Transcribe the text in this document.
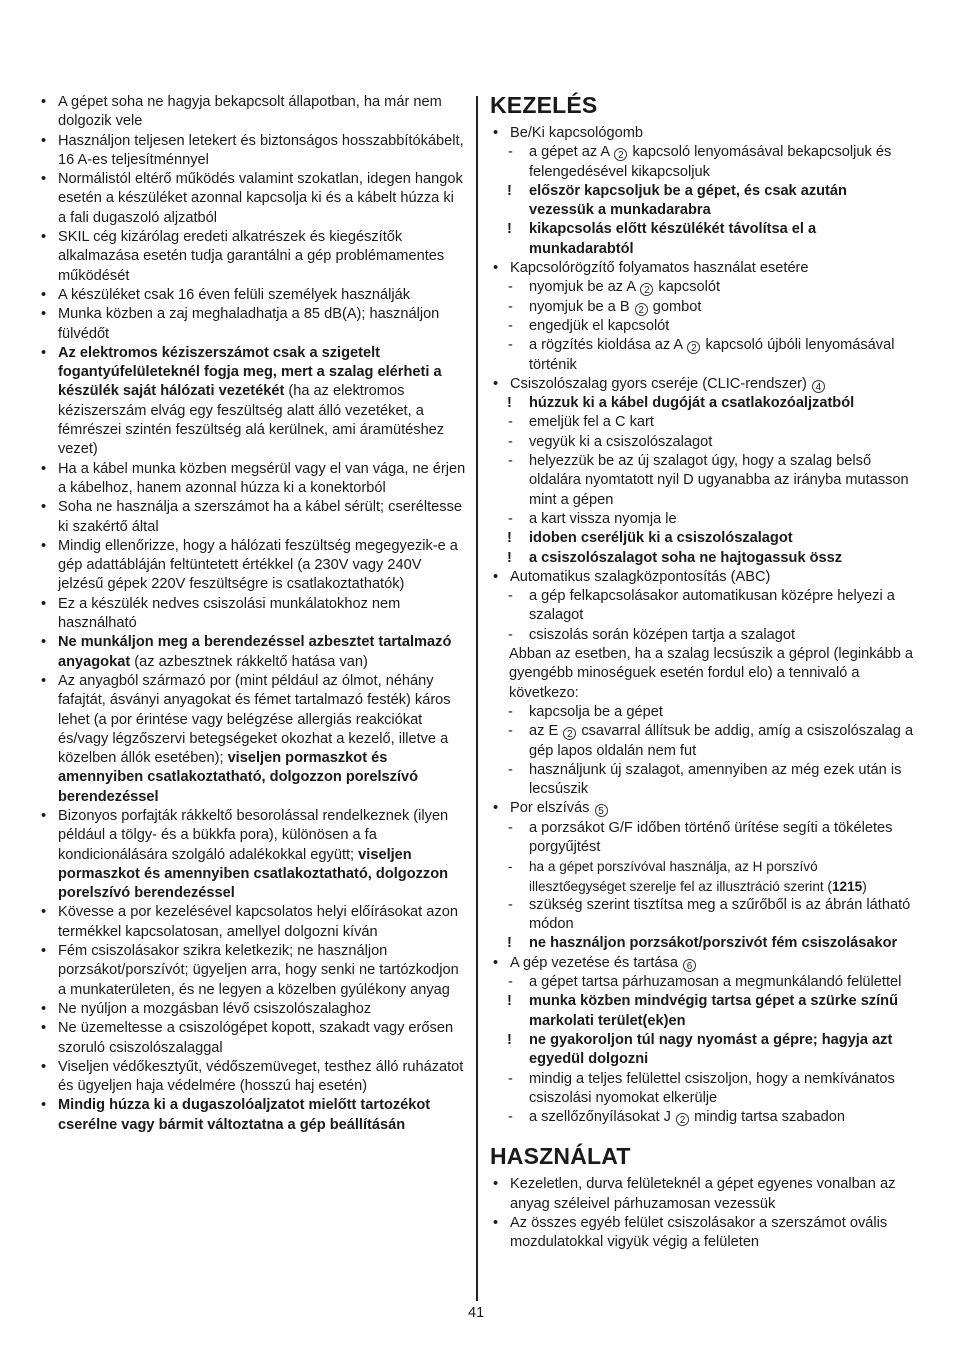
• A gépet soha ne hagyja bekapcsolt állapotban, ha már nem dolgozik vele
• Használjon teljesen letekert és biztonságos hosszabbítókábelt, 16 A-es teljesítménnyel
• Normálistól eltérő működés valamint szokatlan, idegen hangok esetén a készüléket azonnal kapcsolja ki és a kábelt húzza ki a fali dugaszoló aljzatból
• SKIL cég kizárólag eredeti alkatrészek és kiegészítők alkalmazása esetén tudja garantálni a gép problémamentes működését
• A készüléket csak 16 éven felüli személyek használják
• Munka közben a zaj meghaladhatja a 85 dB(A); használjon fülvédőt
• Az elektromos kéziszerszámot csak a szigetelt fogantyúfelületeknél fogja meg, mert a szalag elérheti a készülék saját hálózati vezetékét (ha az elektromos kéziszerszám elvág egy feszültség alatt álló vezetéket, a fémrészei szintén feszültség alá kerülnek, ami áramütéshez vezet)
• Ha a kábel munka közben megsérül vagy el van vága, ne érjen a kábelhoz, hanem azonnal húzza ki a konektorból
• Soha ne használja a szerszámot ha a kábel sérült; cseréltesse ki szakértő által
• Mindig ellenőrizze, hogy a hálózati feszültség megegyezik-e a gép adattábláján feltüntetett értékkel (a 230V vagy 240V jelzésű gépek 220V feszültségre is csatlakoztathatók)
• Ez a készülék nedves csiszolási munkálatokhoz nem használható
• Ne munkáljon meg a berendezéssel azbesztet tartalmazó anyagokat (az azbesztnek rákkeltő hatása van)
• Az anyagból származó por (mint például az ólmot, néhány fafajtát, ásványi anyagokat és fémet tartalmazó festék) káros lehet (a por érintése vagy belégzése allergiás reakciókat és/vagy légzőszervi betegségeket okozhat a kezelő, illetve a közelben állók esetében); viseljen pormaszkot és amennyiben csatlakoztatható, dolgozzon porelszívó berendezéssel
• Bizonyos porfajták rákkeltő besorolással rendelkeznek (ilyen például a tölgy- és a bükkfa pora), különösen a fa kondicionálására szolgáló adalékokkal együtt; viseljen pormaszkot és amennyiben csatlakoztatható, dolgozzon porelszívó berendezéssel
• Kövesse a por kezelésével kapcsolatos helyi előírásokat azon termékkel kapcsolatosan, amellyel dolgozni kíván
• Fém csiszolásakor szikra keletkezik; ne használjon porzsákot/porszívót; ügyeljen arra, hogy senki ne tartózkodjon a munkaterületen, és ne legyen a közelben gyúlékony anyag
• Ne nyúljon a mozgásban lévő csiszolószalaghoz
• Ne üzemeltesse a csiszológépet kopott, szakadt vagy erősen szoruló csiszolószalaggal
• Viseljen védőkesztyűt, védőszemüveget, testhez álló ruházatot és ügyeljen haja védelmére (hosszú haj esetén)
• Mindig húzza ki a dugaszolóaljzatot mielőtt tartozékot cserélne vagy bármit változtatna a gép beállításán
KEZELÉS
• Be/Ki kapcsológomb
- a gépet az A 2 kapcsoló lenyomásával bekapcsoljuk és felengedésével kikapcsoljuk
! először kapcsoljuk be a gépet, és csak azután vezessük a munkadarabra
! kikapcsolás előtt készülékét távolítsa el a munkadarabtól
• Kapcsolórögzítő folyamatos használat esetére
- nyomjuk be az A 2 kapcsolót
- nyomjuk be a B 2 gombot
- engedjük el kapcsolót
- a rögzítés kioldása az A 2 kapcsoló újbóli lenyomásával történik
• Csiszolószalag gyors cseréje (CLIC-rendszer) 4
! húzzuk ki a kábel dugóját a csatlakozóaljzatból
- emeljük fel a C kart
- vegyük ki a csiszolószalagot
- helyezzük be az új szalagot úgy, hogy a szalag belső oldalára nyomtatott nyil D ugyanabba az irányba mutasson mint a gépen
- a kart vissza nyomja le
! idoben cseréljük ki a csiszolószalagot
! a csiszolószalagot soha ne hajtogassuk össz
• Automatikus szalagközpontosítás (ABC)
- a gép felkapcsolásakor automatikusan középre helyezi a szalagot
- csiszolás során középen tartja a szalagot
Abban az esetben, ha a szalag lecsúszik a géprol (leginkább a gyengébb minoséguek esetén fordul elo) a tennivaló a következo:
- kapcsolja be a gépet
- az E 2 csavarral állítsuk be addig, amíg a csiszolószalag a gép lapos oldalán nem fut
- használjunk új szalagot, amennyiben az még ezek után is lecsúszik
• Por elszívás 5
- a porzsákot G/F időben történő ürítése segíti a tökéletes porgyűjtést
- ha a gépet porszívóval használja, az H porszívó illesztőegységet szerelje fel az illusztráció szerint (1215)
- szükség szerint tisztítsa meg a szűrőből is az ábrán látható módon
! ne használjon porzsákot/porszivót fém csiszolásakor
• A gép vezetése és tartása 6
- a gépet tartsa párhuzamosan a megmunkálandó felülettel
! munka közben mindvégig tartsa gépet a szürke színű markolati terület(ek)en
! ne gyakoroljon túl nagy nyomást a gépre; hagyja azt egyedül dolgozni
- mindig a teljes felülettel csiszoljon, hogy a nemkívánatos csiszolási nyomokat elkerülje
- a szellőzőnyílásokat J 2 mindig tartsa szabadon
HASZNÁLAT
• Kezeletlen, durva felületeknél a gépet egyenes vonalban az anyag széleivel párhuzamosan vezessük
• Az összes egyéb felület csiszolásakor a szerszámot ovális mozdulatokkal vigyük végig a felületen
41
